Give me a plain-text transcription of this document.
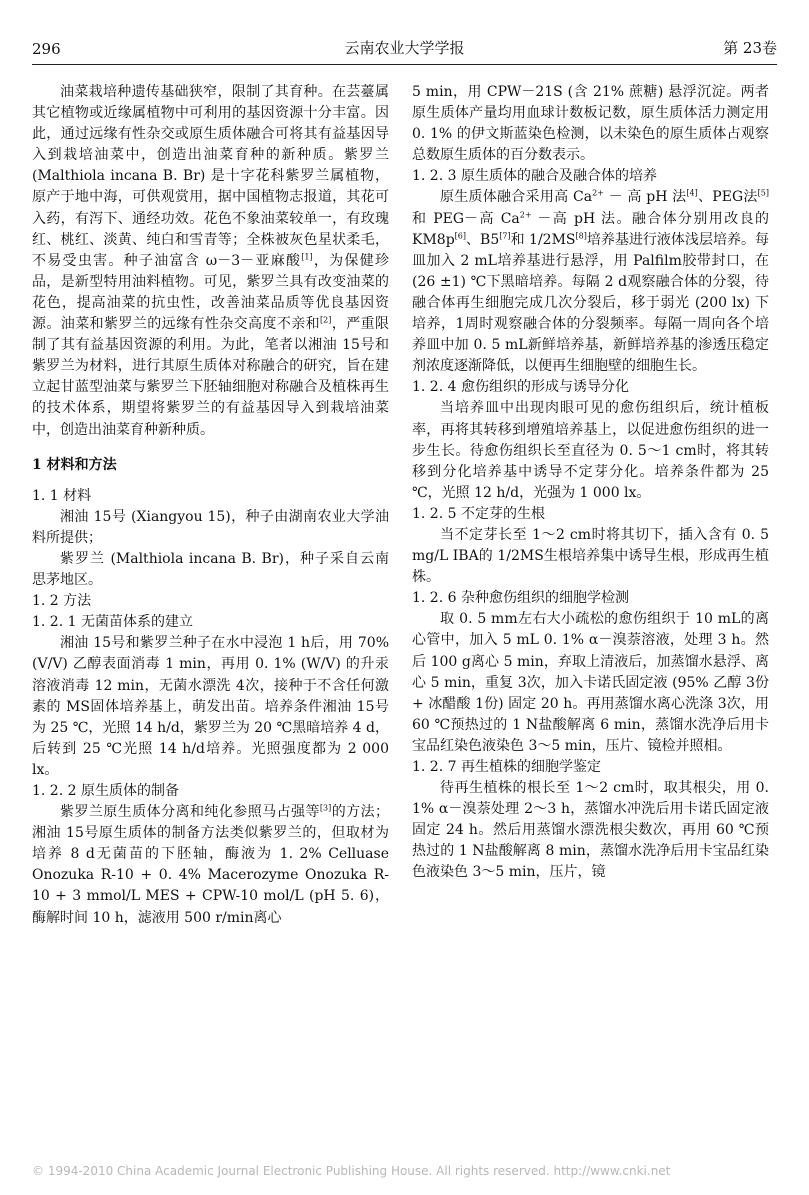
296	云南农业大学学报	第 23卷

油菜栽培种遗传基础狭窄，限制了其育种。在芸薹属其它植物或近缘属植物中可利用的基因资源十分丰富。因此，通过远缘有性杂交或原生质体融合可将其有益基因导入到栽培油菜中，创造出油菜育种的新种质。紫罗兰 (Malthiola incana B. Br) 是十字花科紫罗兰属植物，原产于地中海，可供观赏用，据中国植物志报道，其花可入药，有泻下、通经功效。花色不象油菜较单一，有玫瑰红、桃红、淡黄、纯白和雪青等；全株被灰色星状柔毛，不易受虫害。种子油富含 ω－3－亚麻酸[1]，为保健珍品，是新型特用油料植物。可见，紫罗兰具有改变油菜的花色，提高油菜的抗虫性，改善油菜品质等优良基因资源。油菜和紫罗兰的远缘有性杂交高度不亲和[2]，严重限制了其有益基因资源的利用。为此，笔者以湘油 15号和紫罗兰为材料，进行其原生质体对称融合的研究，旨在建立起甘蓝型油菜与紫罗兰下胚轴细胞对称融合及植株再生的技术体系，期望将紫罗兰的有益基因导入到栽培油菜中，创造出油菜育种新种质。

1 材料和方法
1. 1 材料

湘油 15号 (Xiangyou 15)，种子由湖南农业大学油料所提供；

紫罗兰 (Malthiola incana B. Br)，种子采自云南思茅地区。

1. 2 方法
1. 2. 1 无菌苗体系的建立

湘油 15号和紫罗兰种子在水中浸泡 1 h后，用 70% (V/V) 乙醇表面消毒 1 min，再用 0. 1% (W/V) 的升汞溶液消毒 12 min，无菌水漂洗 4次，接种于不含任何激素的 MS固体培养基上，萌发出苗。培养条件湘油 15号为 25 ℃，光照 14 h/d，紫罗兰为 20 ℃黑暗培养 4 d，后转到 25 ℃光照 14 h/d培养。光照强度都为 2 000 lx。

1. 2. 2 原生质体的制备

紫罗兰原生质体分离和纯化参照马占强等[3]的方法；湘油 15号原生质体的制备方法类似紫罗兰的，但取材为培养 8 d无菌苗的下胚轴，酶液为 1. 2% Celluase Onozuka R-10 + 0. 4% Macerozyme Onozuka R-10 + 3 mmol/L MES + CPW-10 mol/L (pH 5. 6)，酶解时间 10 h，滤液用 500 r/min离心

5 min，用 CPW－21S (含 21% 蔗糖) 悬浮沉淀。两者原生质体产量均用血球计数板记数，原生质体活力测定用 0. 1% 的伊文斯蓝染色检测，以未染色的原生质体占观察总数原生质体的百分数表示。

1. 2. 3 原生质体的融合及融合体的培养

原生质体融合采用高 $Ca^{2+}$ － 高 pH 法[4]、PEG法[5]和 PEG－高 $Ca^{2+}$ －高 pH 法。融合体分别用改良的 KM8p[6]、B5[7]和 1/2MS[8]培养基进行液体浅层培养。每皿加入 2 mL培养基进行悬浮，用 Palfilm胶带封口，在 (26 ±1) ℃下黑暗培养。每隔 2 d观察融合体的分裂，待融合体再生细胞完成几次分裂后，移于弱光 (200 lx) 下培养，1周时观察融合体的分裂频率。每隔一周向各个培养皿中加 0. 5 mL新鲜培养基，新鲜培养基的渗透压稳定剂浓度逐渐降低，以便再生细胞壁的细胞生长。

1. 2. 4 愈伤组织的形成与诱导分化

当培养皿中出现肉眼可见的愈伤组织后，统计植板率，再将其转移到增殖培养基上，以促进愈伤组织的进一步生长。待愈伤组织长至直径为 0. 5～1 cm时，将其转移到分化培养基中诱导不定芽分化。培养条件都为 25 ℃，光照 12 h/d，光强为 1 000 lx。

1. 2. 5 不定芽的生根

当不定芽长至 1～2 cm时将其切下，插入含有 0. 5 mg/L IBA的 1/2MS生根培养集中诱导生根，形成再生植株。

1. 2. 6 杂种愈伤组织的细胞学检测

取 0. 5 mm左右大小疏松的愈伤组织于 10 mL的离心管中，加入 5 mL 0. 1% α－溴萘溶液，处理 3 h。然后 100 g离心 5 min，弃取上清液后，加蒸馏水悬浮、离心 5 min，重复 3次，加入卡诺氏固定液 (95% 乙醇 3份 + 冰醋酸 1份) 固定 20 h。再用蒸馏水离心洗涤 3次，用 60 ℃预热过的 1 N盐酸解离 6 min，蒸馏水洗净后用卡宝品红染色液染色 3～5 min，压片、镜检并照相。

1. 2. 7 再生植株的细胞学鉴定

待再生植株的根长至 1～2 cm时，取其根尖，用 0. 1% α－溴萘处理 2～3 h，蒸馏水冲洗后用卡诺氏固定液固定 24 h。然后用蒸馏水漂洗根尖数次，再用 60 ℃预热过的 1 N盐酸解离 8 min，蒸馏水洗净后用卡宝品红染色液染色 3～5 min，压片，镜

© 1994-2010 China Academic Journal Electronic Publishing House. All rights reserved. http://www.cnki.net
